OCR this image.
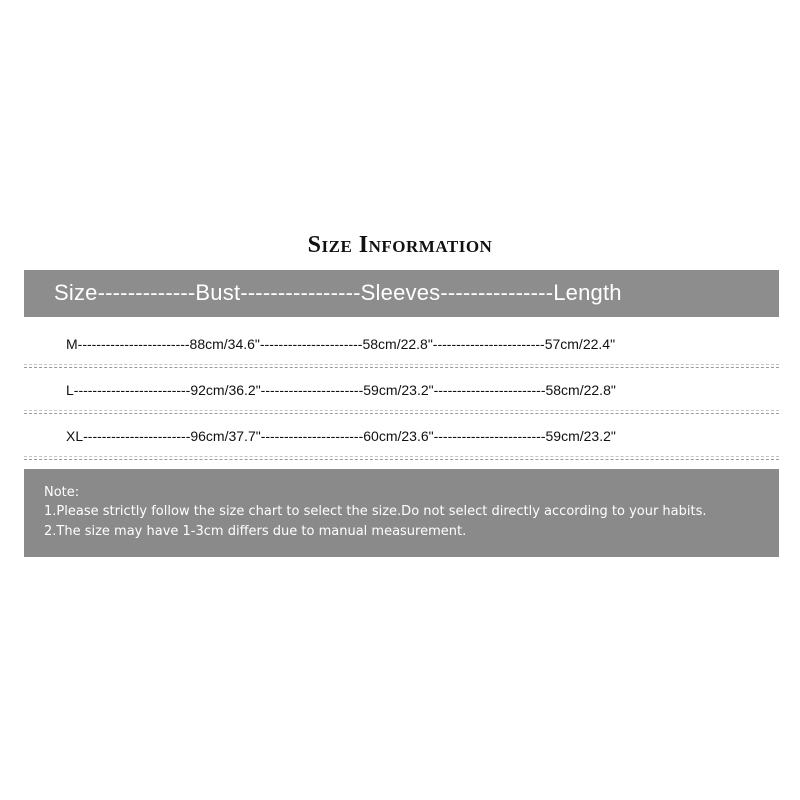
Size Information
Size-------------Bust----------------Sleeves---------------Length
M------------------------88cm/34.6"----------------------58cm/22.8"------------------------57cm/22.4"
L-------------------------92cm/36.2"----------------------59cm/23.2"------------------------58cm/22.8"
XL-----------------------96cm/37.7"----------------------60cm/23.6"------------------------59cm/23.2"
Note:
1.Please strictly follow the size chart to select the size.Do not select directly according to your habits.
2.The size may have 1-3cm differs due to manual measurement.
